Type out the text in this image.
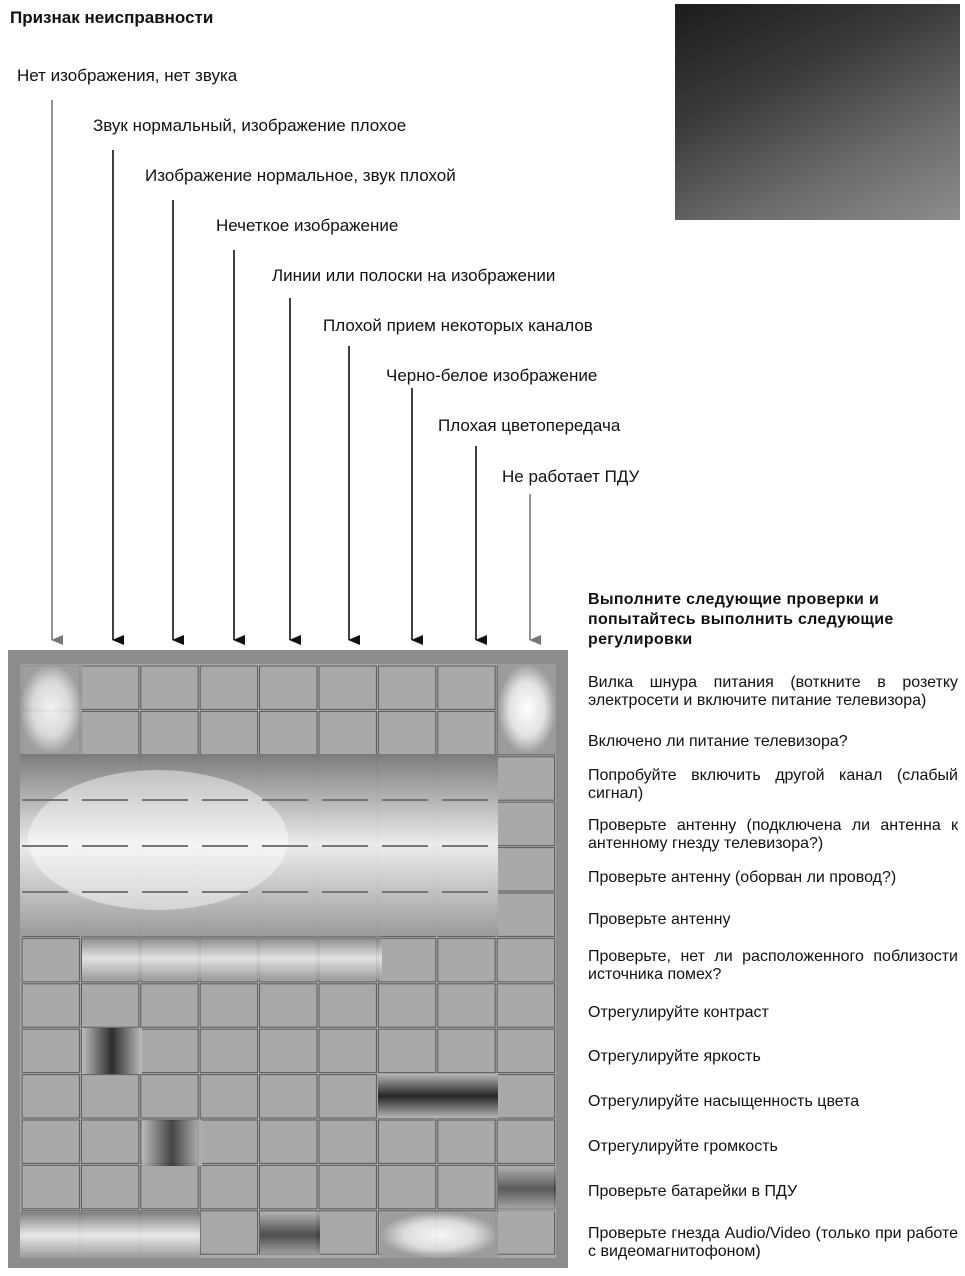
Признак неисправности
Нет изображения, нет звука
Звук нормальный, изображение плохое
Изображение нормальное, звук плохой
Нечеткое изображение
Линии или полоски на изображении
Плохой прием некоторых каналов
Черно-белое изображение
Плохая цветопередача
Не работает ПДУ
Выполните следующие проверки и попытайтесь выполнить следующие регулировки
Вилка шнура питания (воткните в розетку электросети и включите питание телевизора)
Включено ли питание телевизора?
Попробуйте включить другой канал (слабый сигнал)
Проверьте антенну (подключена ли антенна к антенному гнезду телевизора?)
Проверьте антенну (оборван ли провод?)
Проверьте антенну
Проверьте, нет ли расположенного поблизости источника помех?
Отрегулируйте контраст
Отрегулируйте яркость
Отрегулируйте насыщенность цвета
Отрегулируйте громкость
Проверьте батарейки в ПДУ
Проверьте гнезда Audio/Video (только при работе с видеомагнитофоном)
